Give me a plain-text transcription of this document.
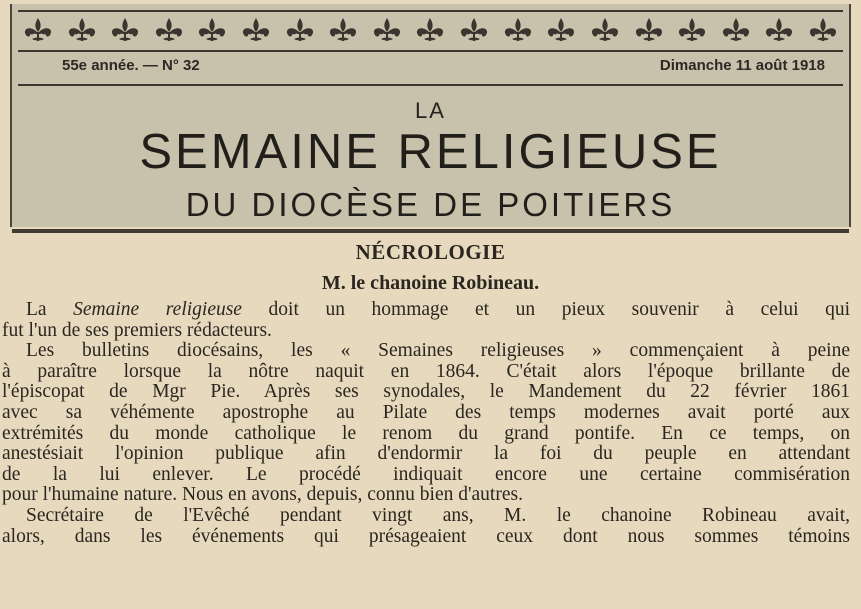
55e année. — N° 32	Dimanche 11 août 1918
LA
SEMAINE RELIGIEUSE
DU DIOCÈSE DE POITIERS
NÉCROLOGIE
M. le chanoine Robineau.
La Semaine religieuse doit un hommage et un pieux souvenir à celui qui
fut l'un de ses premiers rédacteurs.
Les bulletins diocésains, les « Semaines religieuses » commençaient à peine
à paraître lorsque la nôtre naquit en 1864. C'était alors l'époque brillante de
l'épiscopat de Mgr Pie. Après ses synodales, le Mandement du 22 février 1861
avec sa véhémente apostrophe au Pilate des temps modernes avait porté aux
extrémités du monde catholique le renom du grand pontife. En ce temps, on
anestésiait l'opinion publique afin d'endormir la foi du peuple en attendant
de la lui enlever. Le procédé indiquait encore une certaine commisération
pour l'humaine nature. Nous en avons, depuis, connu bien d'autres.
Secrétaire de l'Evêché pendant vingt ans, M. le chanoine Robineau avait,
alors, dans les événements qui présageaient ceux dont nous sommes témoins
